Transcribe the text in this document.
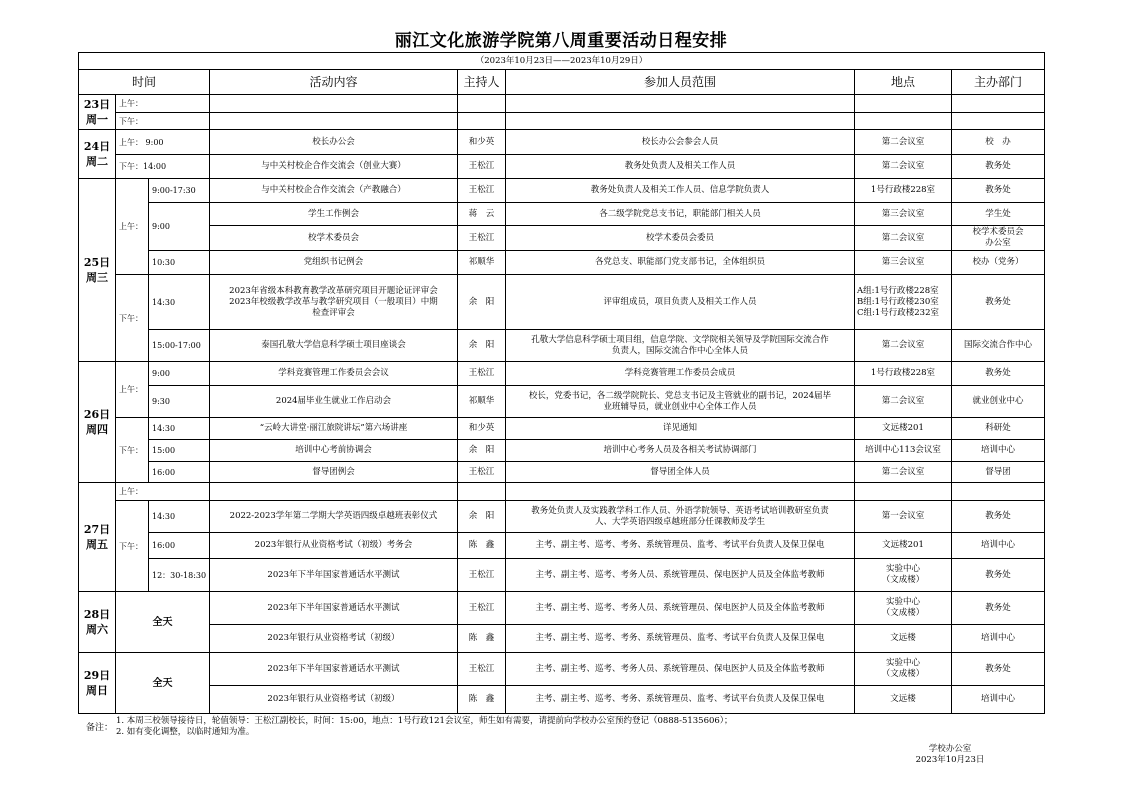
丽江文化旅游学院第八周重要活动日程安排
（2023年10月23日——2023年10月29日）							
时间			活动内容	主持人	参加人员范围	地点	主办部门
23日
周一	上午：						
	下午：						
24日
周二	上午： 9:00		校长办公会	和少英	校长办公会参会人员	第二会议室	校　办
	下午：14:00		与中关村校企合作交流会（创业大赛）	王松江	教务处负责人及相关工作人员	第二会议室	教务处
25日
周三	上午：	9:00-17:30	与中关村校企合作交流会（产教融合）	王松江	教务处负责人及相关工作人员、信息学院负责人	1号行政楼228室	教务处
		9:00	学生工作例会	蒋　云	各二级学院党总支书记，职能部门相关人员	第三会议室	学生处
			校学术委员会	王松江	校学术委员会委员	第二会议室	校学术委员会
办公室
		10:30	党组织书记例会	祁顺华	各党总支、职能部门党支部书记，全体组织员	第三会议室	校办（党务）
	下午：	14:30	2023年省级本科教育教学改革研究项目开题论证评审会
2023年校级教学改革与教学研究项目（一般项目）中期
检查评审会	余　阳	评审组成员，项目负责人及相关工作人员	A组:1号行政楼228室
B组:1号行政楼230室
C组:1号行政楼232室	教务处
		15:00-17:00	泰国孔敬大学信息科学硕士项目座谈会	余　阳	孔敬大学信息科学硕士项目组，信息学院、文学院相关领导及学院国际交流合作
负责人，国际交流合作中心全体人员	第二会议室	国际交流合作中心
26日
周四	上午：	9:00	学科竞赛管理工作委员会会议	王松江	学科竞赛管理工作委员会成员	1号行政楼228室	教务处
		9:30	2024届毕业生就业工作启动会	祁顺华	校长，党委书记，各二级学院院长、党总支书记及主管就业的副书记，2024届毕
业班辅导员，就业创业中心全体工作人员	第二会议室	就业创业中心
	下午：	14:30	“云岭大讲堂·丽江旅院讲坛”第六场讲座	和少英	详见通知	文远楼201	科研处
		15:00	培训中心考前协调会	余　阳	培训中心考务人员及各相关考试协调部门	培训中心113会议室	培训中心
		16:00	督导团例会	王松江	督导团全体人员	第二会议室	督导团
27日
周五	上午：						
	下午：	14:30	2022-2023学年第二学期大学英语四级卓越班表彰仪式	余　阳	教务处负责人及实践教学科工作人员、外语学院领导、英语考试培训教研室负责
人、大学英语四级卓越班部分任课教师及学生	第一会议室	教务处
		16:00	2023年银行从业资格考试（初级）考务会	陈　鑫	主考、副主考、巡考、考务、系统管理员、监考、考试平台负责人及保卫保电	文远楼201	培训中心
		12：30-18:30	2023年下半年国家普通话水平测试	王松江	主考、副主考、巡考、考务人员、系统管理员、保电医护人员及全体监考教师	实验中心
（文成楼）	教务处
28日
周六	全天		2023年下半年国家普通话水平测试	王松江	主考、副主考、巡考、考务人员、系统管理员、保电医护人员及全体监考教师	实验中心
（文成楼）	教务处
			2023年银行从业资格考试（初级）	陈　鑫	主考、副主考、巡考、考务、系统管理员、监考、考试平台负责人及保卫保电	文远楼	培训中心
29日
周日	全天		2023年下半年国家普通话水平测试	王松江	主考、副主考、巡考、考务人员、系统管理员、保电医护人员及全体监考教师	实验中心
（文成楼）	教务处
			2023年银行从业资格考试（初级）	陈　鑫	主考、副主考、巡考、考务、系统管理员、监考、考试平台负责人及保卫保电	文远楼	培训中心
备注：
1. 本周三校领导接待日，轮值领导：王松江副校长，时间：15:00，地点：1号行政121会议室，师生如有需要，请提前向学校办公室预约登记（0888-5135606）；
2. 如有变化调整，以临时通知为准。
学校办公室
2023年10月23日
